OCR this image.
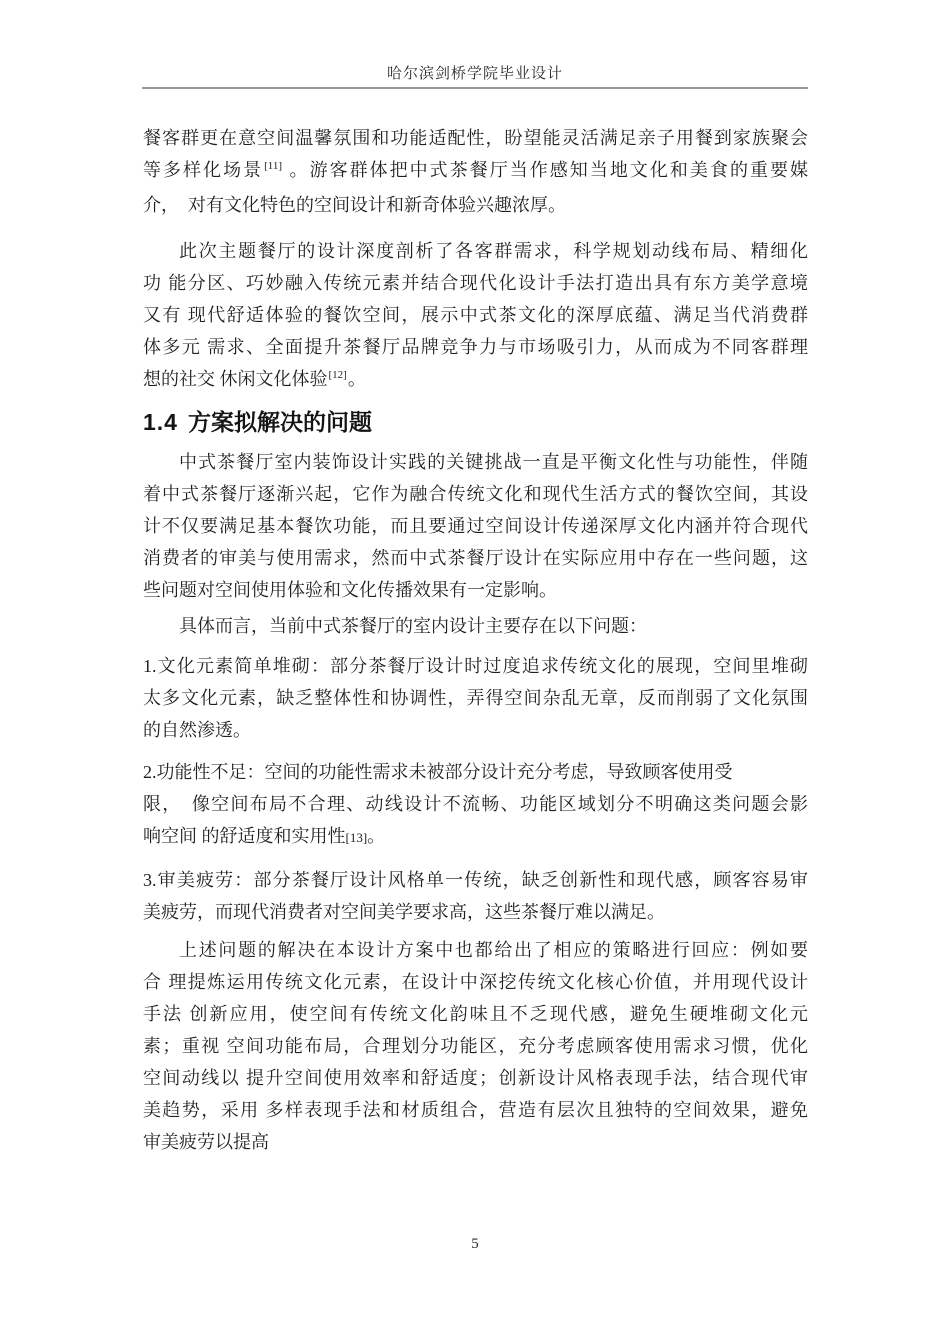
哈尔滨剑桥学院毕业设计
餐客群更在意空间温馨氛围和功能适配性，盼望能灵活满足亲子用餐到家族聚会
等多样化场景[11] 。游客群体把中式茶餐厅当作感知当地文化和美食的重要媒
介，　对有文化特色的空间设计和新奇体验兴趣浓厚。
此次主题餐厅的设计深度剖析了各客群需求，科学规划动线布局、精细化
功 能分区、巧妙融入传统元素并结合现代化设计手法打造出具有东方美学意境
又有 现代舒适体验的餐饮空间，展示中式茶文化的深厚底蕴、满足当代消费群
体多元 需求、全面提升茶餐厅品牌竞争力与市场吸引力，从而成为不同客群理
想的社交 休闲文化体验[12]。
1.4 方案拟解决的问题
中式茶餐厅室内装饰设计实践的关键挑战一直是平衡文化性与功能性，伴随
着中式茶餐厅逐渐兴起，它作为融合传统文化和现代生活方式的餐饮空间，其设
计不仅要满足基本餐饮功能，而且要通过空间设计传递深厚文化内涵并符合现代
消费者的审美与使用需求，然而中式茶餐厅设计在实际应用中存在一些问题，这
些问题对空间使用体验和文化传播效果有一定影响。
具体而言，当前中式茶餐厅的室内设计主要存在以下问题：
1.文化元素简单堆砌：部分茶餐厅设计时过度追求传统文化的展现，空间里堆砌
太多文化元素，缺乏整体性和协调性，弄得空间杂乱无章，反而削弱了文化氛围
的自然渗透。
2.功能性不足：空间的功能性需求未被部分设计充分考虑，导致顾客使用受
限，　像空间布局不合理、动线设计不流畅、功能区域划分不明确这类问题会影
响空间 的舒适度和实用性[13]。
3.审美疲劳：部分茶餐厅设计风格单一传统，缺乏创新性和现代感，顾客容易审
美疲劳，而现代消费者对空间美学要求高，这些茶餐厅难以满足。
上述问题的解决在本设计方案中也都给出了相应的策略进行回应：例如要
合 理提炼运用传统文化元素，在设计中深挖传统文化核心价值，并用现代设计
手法 创新应用，使空间有传统文化韵味且不乏现代感，避免生硬堆砌文化元
素；重视 空间功能布局，合理划分功能区，充分考虑顾客使用需求习惯，优化
空间动线以 提升空间使用效率和舒适度；创新设计风格表现手法，结合现代审
美趋势，采用 多样表现手法和材质组合，营造有层次且独特的空间效果，避免
审美疲劳以提高
5
